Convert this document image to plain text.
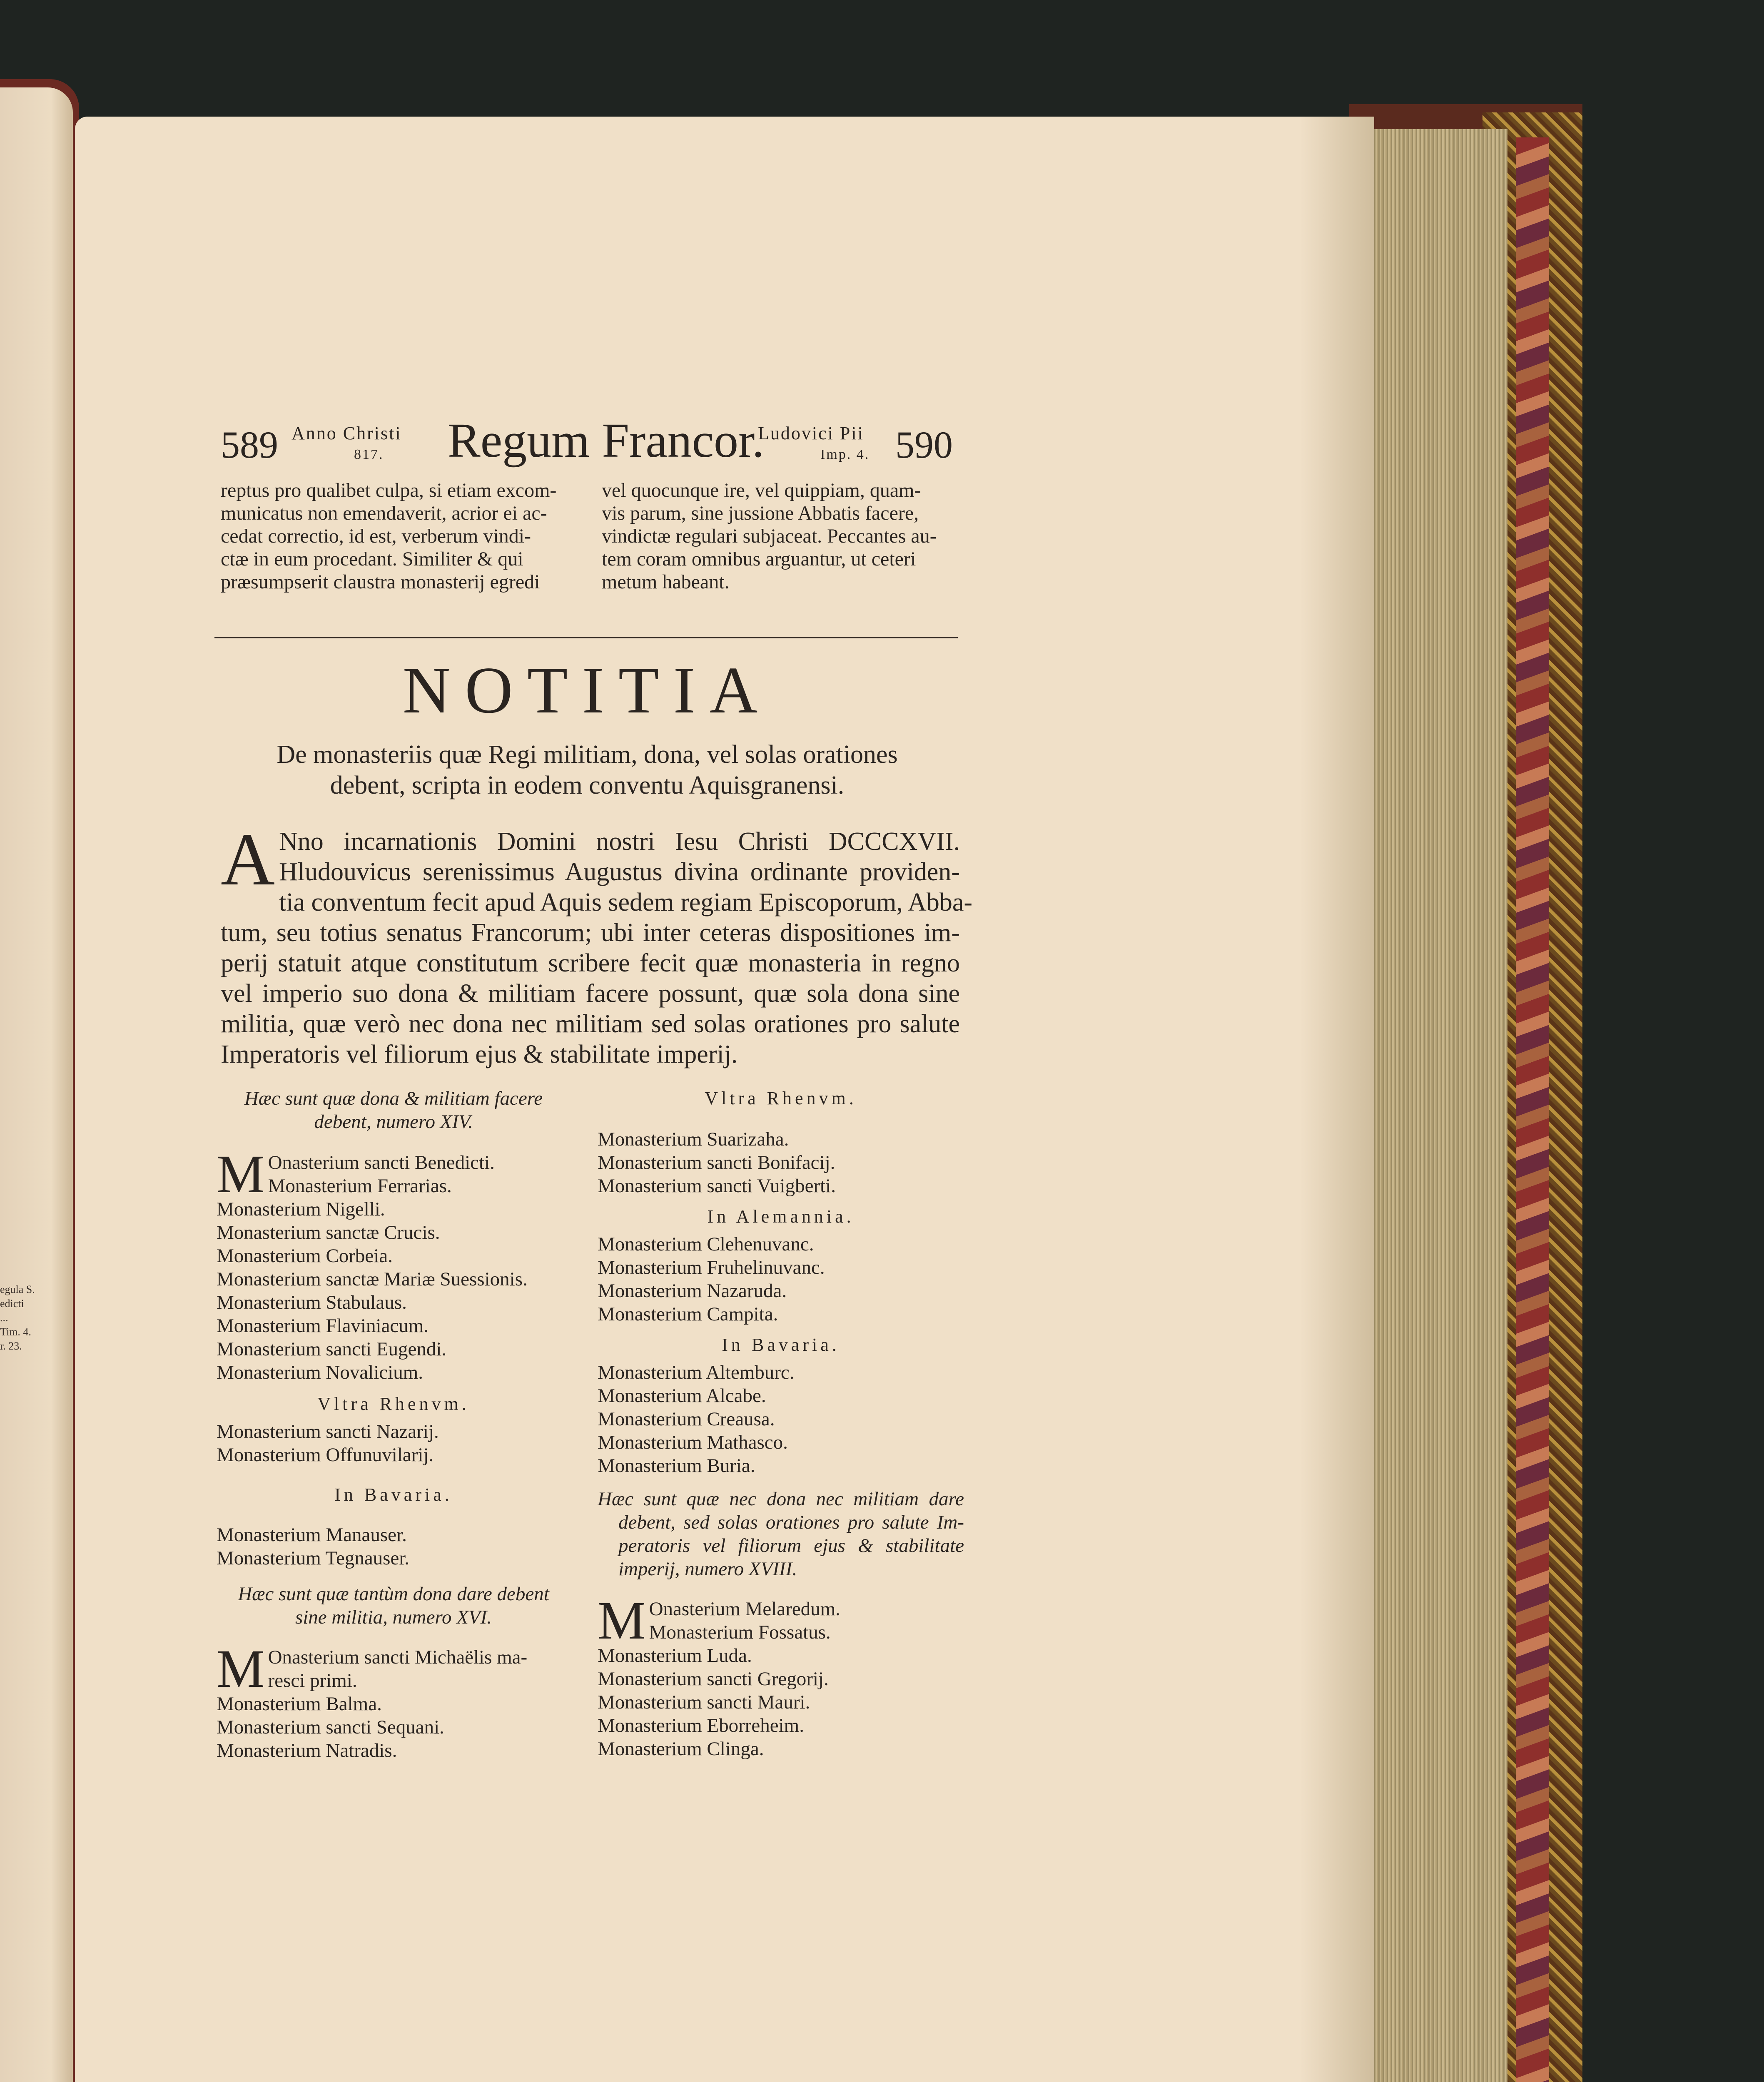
egula S.
edicti
...
Tim. 4.
r. 23.
589 Anno Christi
817. Regum Francor.
Ludovici Pii
Imp. 4. 590
reptus pro qualibet culpa, si etiam excom-
municatus non emendaverit, acrior ei ac-
cedat correctio, id est, verberum vindi-
ctæ in eum procedant. Similiter & qui
præsumpserit claustra monasterij egredi
vel quocunque ire, vel quippiam, quam-
vis parum, sine jussione Abbatis facere,
vindictæ regulari subjaceat. Peccantes au-
tem coram omnibus arguantur, ut ceteri
metum habeant.
NOTITIA
De monasteriis quæ Regi militiam, dona, vel solas orationes
debent, scripta in eodem conventu Aquisgranensi.
A Nno incarnationis Domini nostri Iesu Christi DCCCXVII.
Hludouvicus serenissimus Augustus divina ordinante providen-
tia conventum fecit apud Aquis sedem regiam Episcoporum, Abba-
tum, seu totius senatus Francorum; ubi inter ceteras dispositiones im-
perij statuit atque constitutum scribere fecit quæ monasteria in regno
vel imperio suo dona & militiam facere possunt, quæ sola dona sine
militia, quæ verò nec dona nec militiam sed solas orationes pro salute
Imperatoris vel filiorum ejus & stabilitate imperij.
Hæc sunt quæ dona & militiam facere
debent, numero XIV.
M Onasterium sancti Benedicti.
Monasterium Ferrarias.
Monasterium Nigelli.
Monasterium sanctæ Crucis.
Monasterium Corbeia.
Monasterium sanctæ Mariæ Suessionis.
Monasterium Stabulaus.
Monasterium Flaviniacum.
Monasterium sancti Eugendi.
Monasterium Novalicium.
Vltra Rhenvm.
Monasterium sancti Nazarij.
Monasterium Offunuvilarij.
In Bavaria.
Monasterium Manauser.
Monasterium Tegnauser.
Hæc sunt quæ tantùm dona dare debent
sine militia, numero XVI.
M Onasterium sancti Michaëlis ma-
resci primi.
Monasterium Balma.
Monasterium sancti Sequani.
Monasterium Natradis.
Vltra Rhenvm.
Monasterium Suarizaha.
Monasterium sancti Bonifacij.
Monasterium sancti Vuigberti.
In Alemannia.
Monasterium Clehenuvanc.
Monasterium Fruhelinuvanc.
Monasterium Nazaruda.
Monasterium Campita.
In Bavaria.
Monasterium Altemburc.
Monasterium Alcabe.
Monasterium Creausa.
Monasterium Mathasco.
Monasterium Buria.
Hæc sunt quæ nec dona nec militiam dare
debent, sed solas orationes pro salute Im-
peratoris vel filiorum ejus & stabilitate
imperij, numero XVIII.
M Onasterium Melaredum.
Monasterium Fossatus.
Monasterium Luda.
Monasterium sancti Gregorij.
Monasterium sancti Mauri.
Monasterium Eborreheim.
Monasterium Clinga.
